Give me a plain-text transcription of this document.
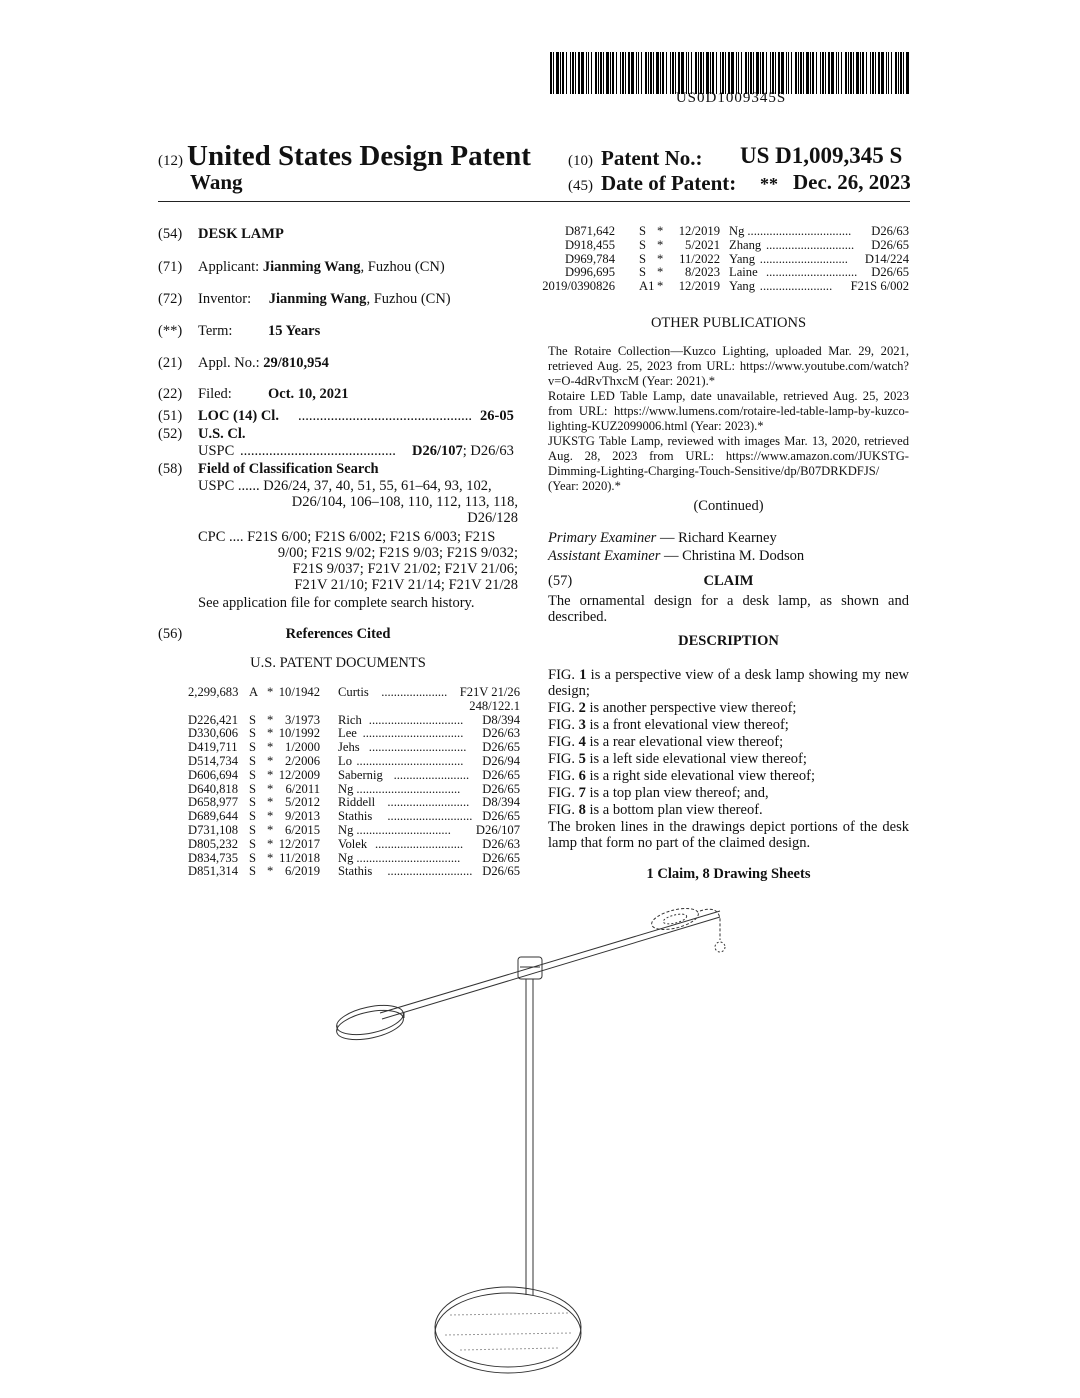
US0D1009345S
(12) United States Design Patent
Wang
(10) Patent No.: US D1,009,345 S
(45) Date of Patent: ** Dec. 26, 2023
(54) DESK LAMP
(71) Applicant: Jianming Wang, Fuzhou (CN)
(72) Inventor: Jianming Wang, Fuzhou (CN)
(**) Term: 15 Years
(21) Appl. No.: 29/810,954
(22) Filed: Oct. 10, 2021
(51) LOC (14) Cl. ................................................ 26-05
(52) U.S. Cl.
USPC ...........................................	D26/107; D26/63
(58) Field of Classification Search
USPC ...... D26/24, 37, 40, 51, 55, 61–64, 93, 102,
D26/104, 106–108, 110, 112, 113, 118,
D26/128
CPC .... F21S 6/00; F21S 6/002; F21S 6/003; F21S
9/00; F21S 9/02; F21S 9/03; F21S 9/032;
F21S 9/037; F21V 21/02; F21V 21/06;
F21V 21/10; F21V 21/14; F21V 21/28
See application file for complete search history.
(56)	References Cited
U.S. PATENT DOCUMENTS
2,299,683 A * 10/1942 Curtis ..................... F21V 21/26
248/122.1
D226,421 S * 3/1973 Rich ..............................	D8/394
D330,606 S * 10/1992 Lee ................................	D26/63
D419,711 S * 1/2000 Jehs ...............................	D26/65
D514,734 S * 2/2006 Lo ..................................	D26/94
D606,694 S * 12/2009 Sabernig ........................	D26/65
D640,818 S * 6/2011 Ng .................................	D26/65
D658,977 S * 5/2012 Riddell ..........................	D8/394
D689,644 S * 9/2013 Stathis ........................... D26/65
D731,108 S * 6/2015 Ng ..............................	D26/107
D805,232 S * 12/2017 Volek ............................	D26/63
D834,735 S * 11/2018 Ng .................................	D26/65
D851,314 S * 6/2019 Stathis ........................... D26/65
D871,642 S *	12/2019 Ng .................................	D26/63
D918,455 S *	5/2021 Zhang ............................	D26/65
D969,784 S *	11/2022 Yang ............................	D14/224
D996,695 S *	8/2023 Laine .............................	D26/65
2019/0390826 A1 *	12/2019 Yang .......................	F21S 6/002
OTHER PUBLICATIONS
The Rotaire Collection—Kuzco Lighting, uploaded Mar. 29, 2021, retrieved Aug. 25, 2023 from URL: https://www.youtube.com/watch?v=O-4dRvThxcM (Year: 2021).*
Rotaire LED Table Lamp, date unavailable, retrieved Aug. 25, 2023 from URL: https://www.lumens.com/rotaire-led-table-lamp-by-kuzco-lighting-KUZ2099006.html (Year: 2023).*
JUKSTG Table Lamp, reviewed with images Mar. 13, 2020, retrieved Aug. 28, 2023 from URL: https://www.amazon.com/JUKSTG-Dimming-Lighting-Charging-Touch-Sensitive/dp/B07DRKDFJS/ (Year: 2020).*
(Continued)
Primary Examiner — Richard Kearney
Assistant Examiner — Christina M. Dodson
(57)	CLAIM
The ornamental design for a desk lamp, as shown and described.
DESCRIPTION
FIG. 1 is a perspective view of a desk lamp showing my new design;
FIG. 2 is another perspective view thereof;
FIG. 3 is a front elevational view thereof;
FIG. 4 is a rear elevational view thereof;
FIG. 5 is a left side elevational view thereof;
FIG. 6 is a right side elevational view thereof;
FIG. 7 is a top plan view thereof; and,
FIG. 8 is a bottom plan view thereof.
The broken lines in the drawings depict portions of the desk lamp that form no part of the claimed design.
1 Claim, 8 Drawing Sheets
